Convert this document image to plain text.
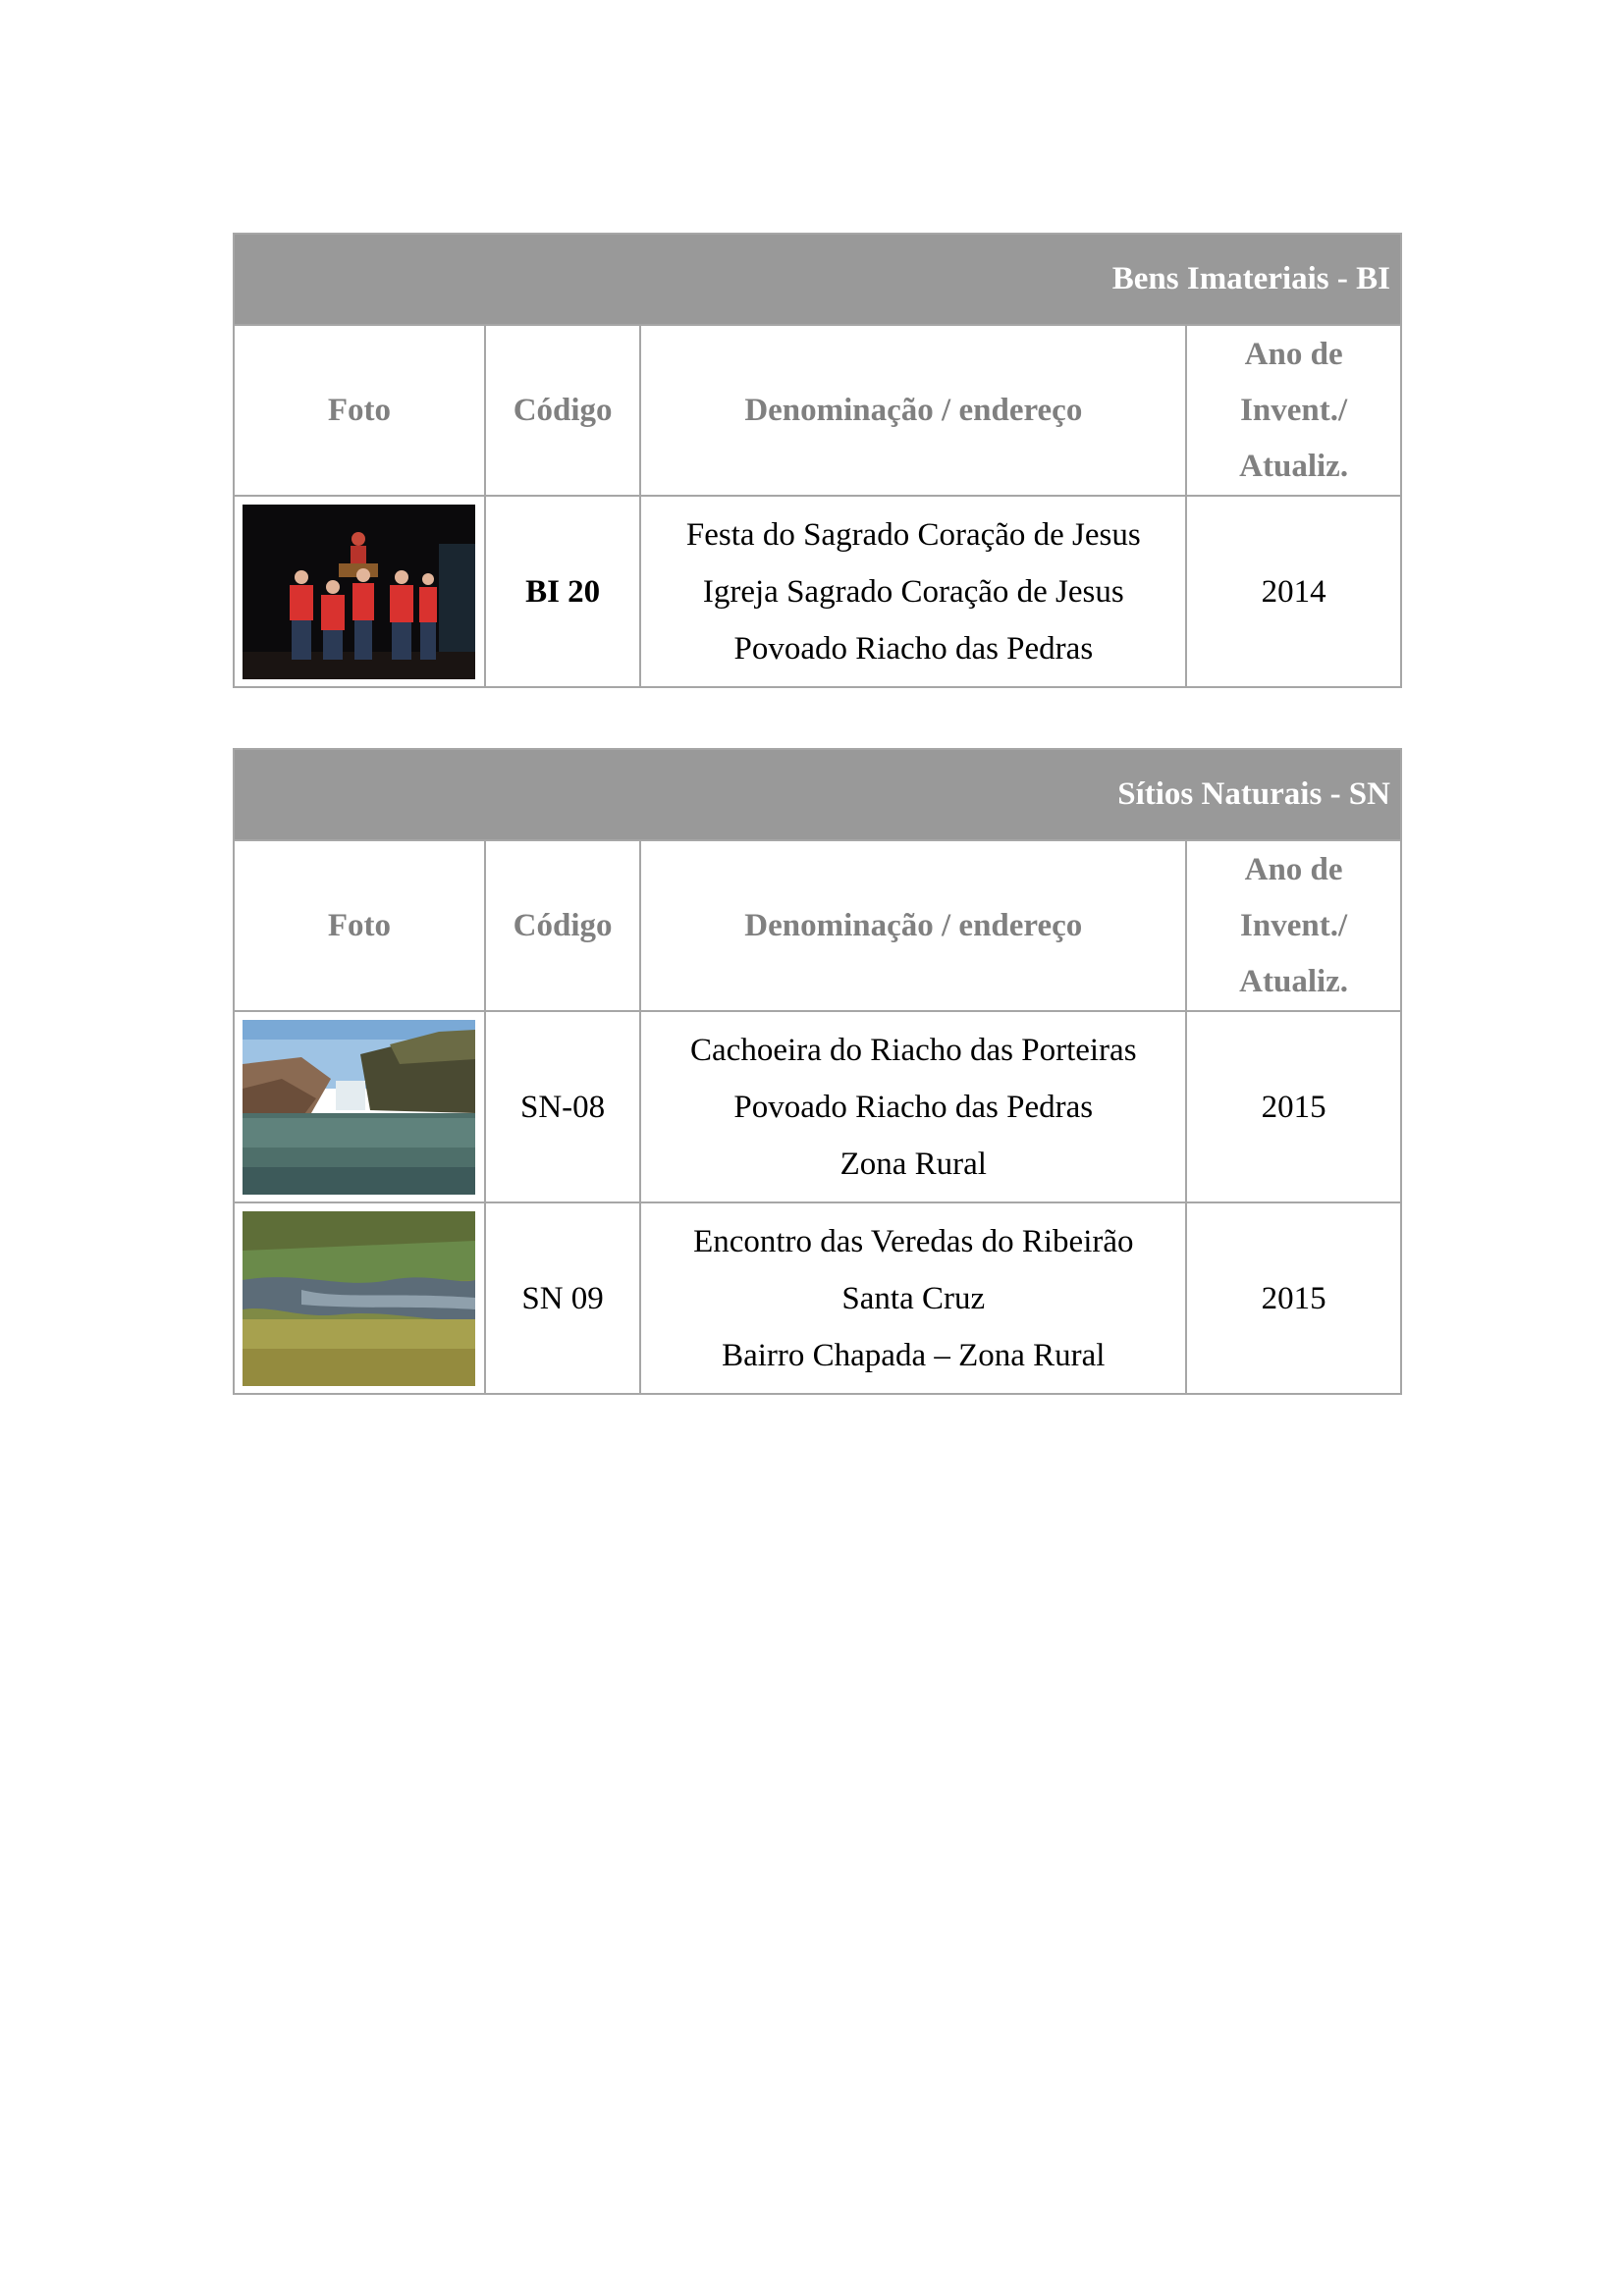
Bens Imateriais - BI			
Foto	Código	Denominação / endereço	Ano de
Invent./
Atualiz.

	BI 20	Festa do Sagrado Coração de Jesus
Igreja Sagrado Coração de Jesus
Povoado Riacho das Pedras	2014
Sítios Naturais - SN			
Foto	Código	Denominação / endereço	Ano de
Invent./
Atualiz.

	SN-08	Cachoeira do Riacho das Porteiras
Povoado Riacho das Pedras
Zona Rural	2015

	SN 09	Encontro das Veredas do Ribeirão
Santa Cruz
Bairro Chapada – Zona Rural	2015
